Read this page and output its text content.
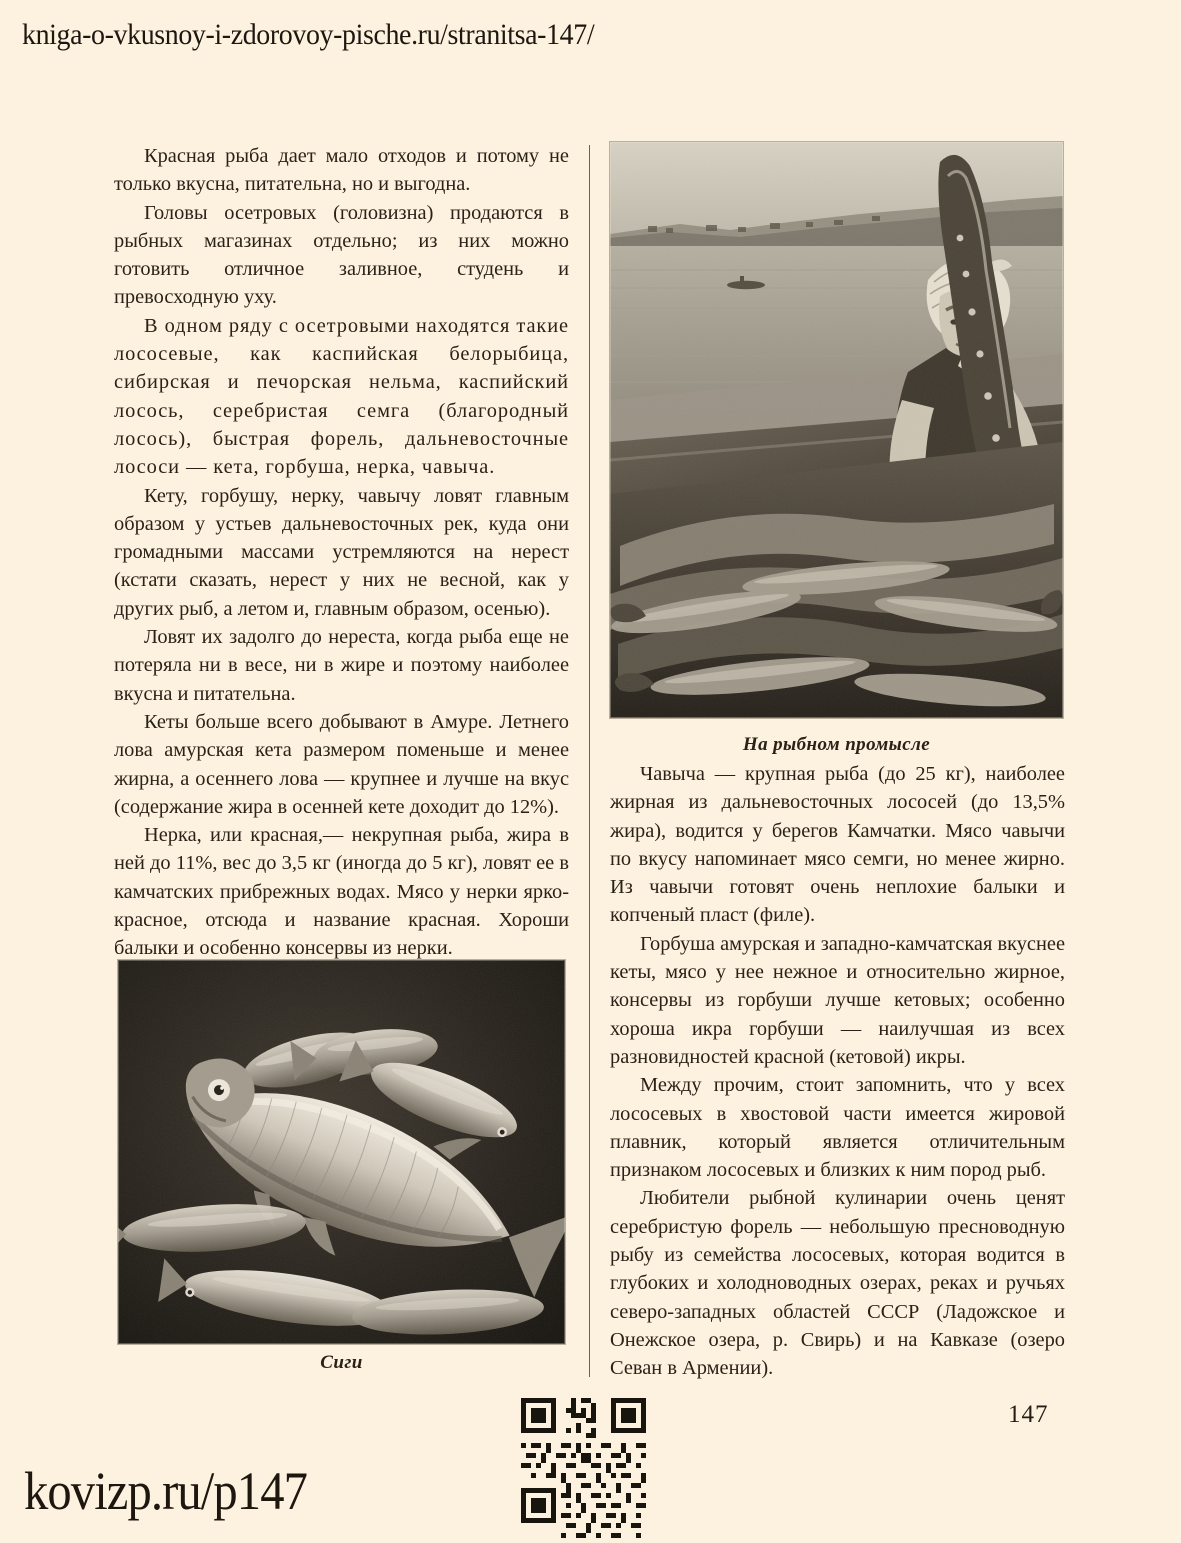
kniga-o-vkusnoy-i-zdorovoy-pische.ru/stranitsa-147/

Красная рыба дает мало отходов и потому не только вкусна, питательна, но и выгодна.

Головы осетровых (головизна) продаются в рыбных магазинах отдельно; из них можно готовить отличное заливное, студень и превосходную уху.

В одном ряду с осетровыми находятся такие лососевые, как каспийская белорыбица, сибирская и печорская нельма, каспийский лосось, серебристая семга (благородный лосось), быстрая форель, дальневосточные лососи — кета, горбуша, нерка, чавыча.

Кету, горбушу, нерку, чавычу ловят главным образом у устьев дальневосточных рек, куда они громадными массами устремляются на нерест (кстати сказать, нерест у них не весной, как у других рыб, а летом и, главным образом, осенью).

Ловят их задолго до нереста, когда рыба еще не потеряла ни в весе, ни в жире и поэтому наиболее вкусна и питательна.

Кеты больше всего добывают в Амуре. Летнего лова амурская кета размером поменьше и менее жирна, а осеннего лова — крупнее и лучше на вкус (содержание жира в осенней кете доходит до 12%).

Нерка, или красная,— некрупная рыба, жира в ней до 11%, вес до 3,5 кг (иногда до 5 кг), ловят ее в камчатских прибрежных водах. Мясо у нерки ярко-красное, отсюда и название красная. Хороши балыки и особенно консервы из нерки.

Чавыча — крупная рыба (до 25 кг), наиболее жирная из дальневосточных лососей (до 13,5% жира), водится у берегов Камчатки. Мясо чавычи по вкусу напоминает мясо семги, но менее жирно. Из чавычи готовят очень неплохие балыки и копченый пласт (филе).

Горбуша амурская и западно-камчатская вкуснее кеты, мясо у нее нежное и относительно жирное, консервы из горбуши лучше кетовых; особенно хороша икра горбуши — наилучшая из всех разновидностей красной (кетовой) икры.

Между прочим, стоит запомнить, что у всех лососевых в хвостовой части имеется жировой плавник, который является отличительным признаком лососевых и близких к ним пород рыб.

Любители рыбной кулинарии очень ценят серебристую форель — небольшую пресноводную рыбу из семейства лососевых, которая водится в глубоких и холодноводных озерах, реках и ручьях северо-западных областей СССР (Ладожское и Онежское озера, р. Свирь) и на Кавказе (озеро Севан в Армении).

На рыбном промысле
Сиги
147
kovizp.ru/p147
